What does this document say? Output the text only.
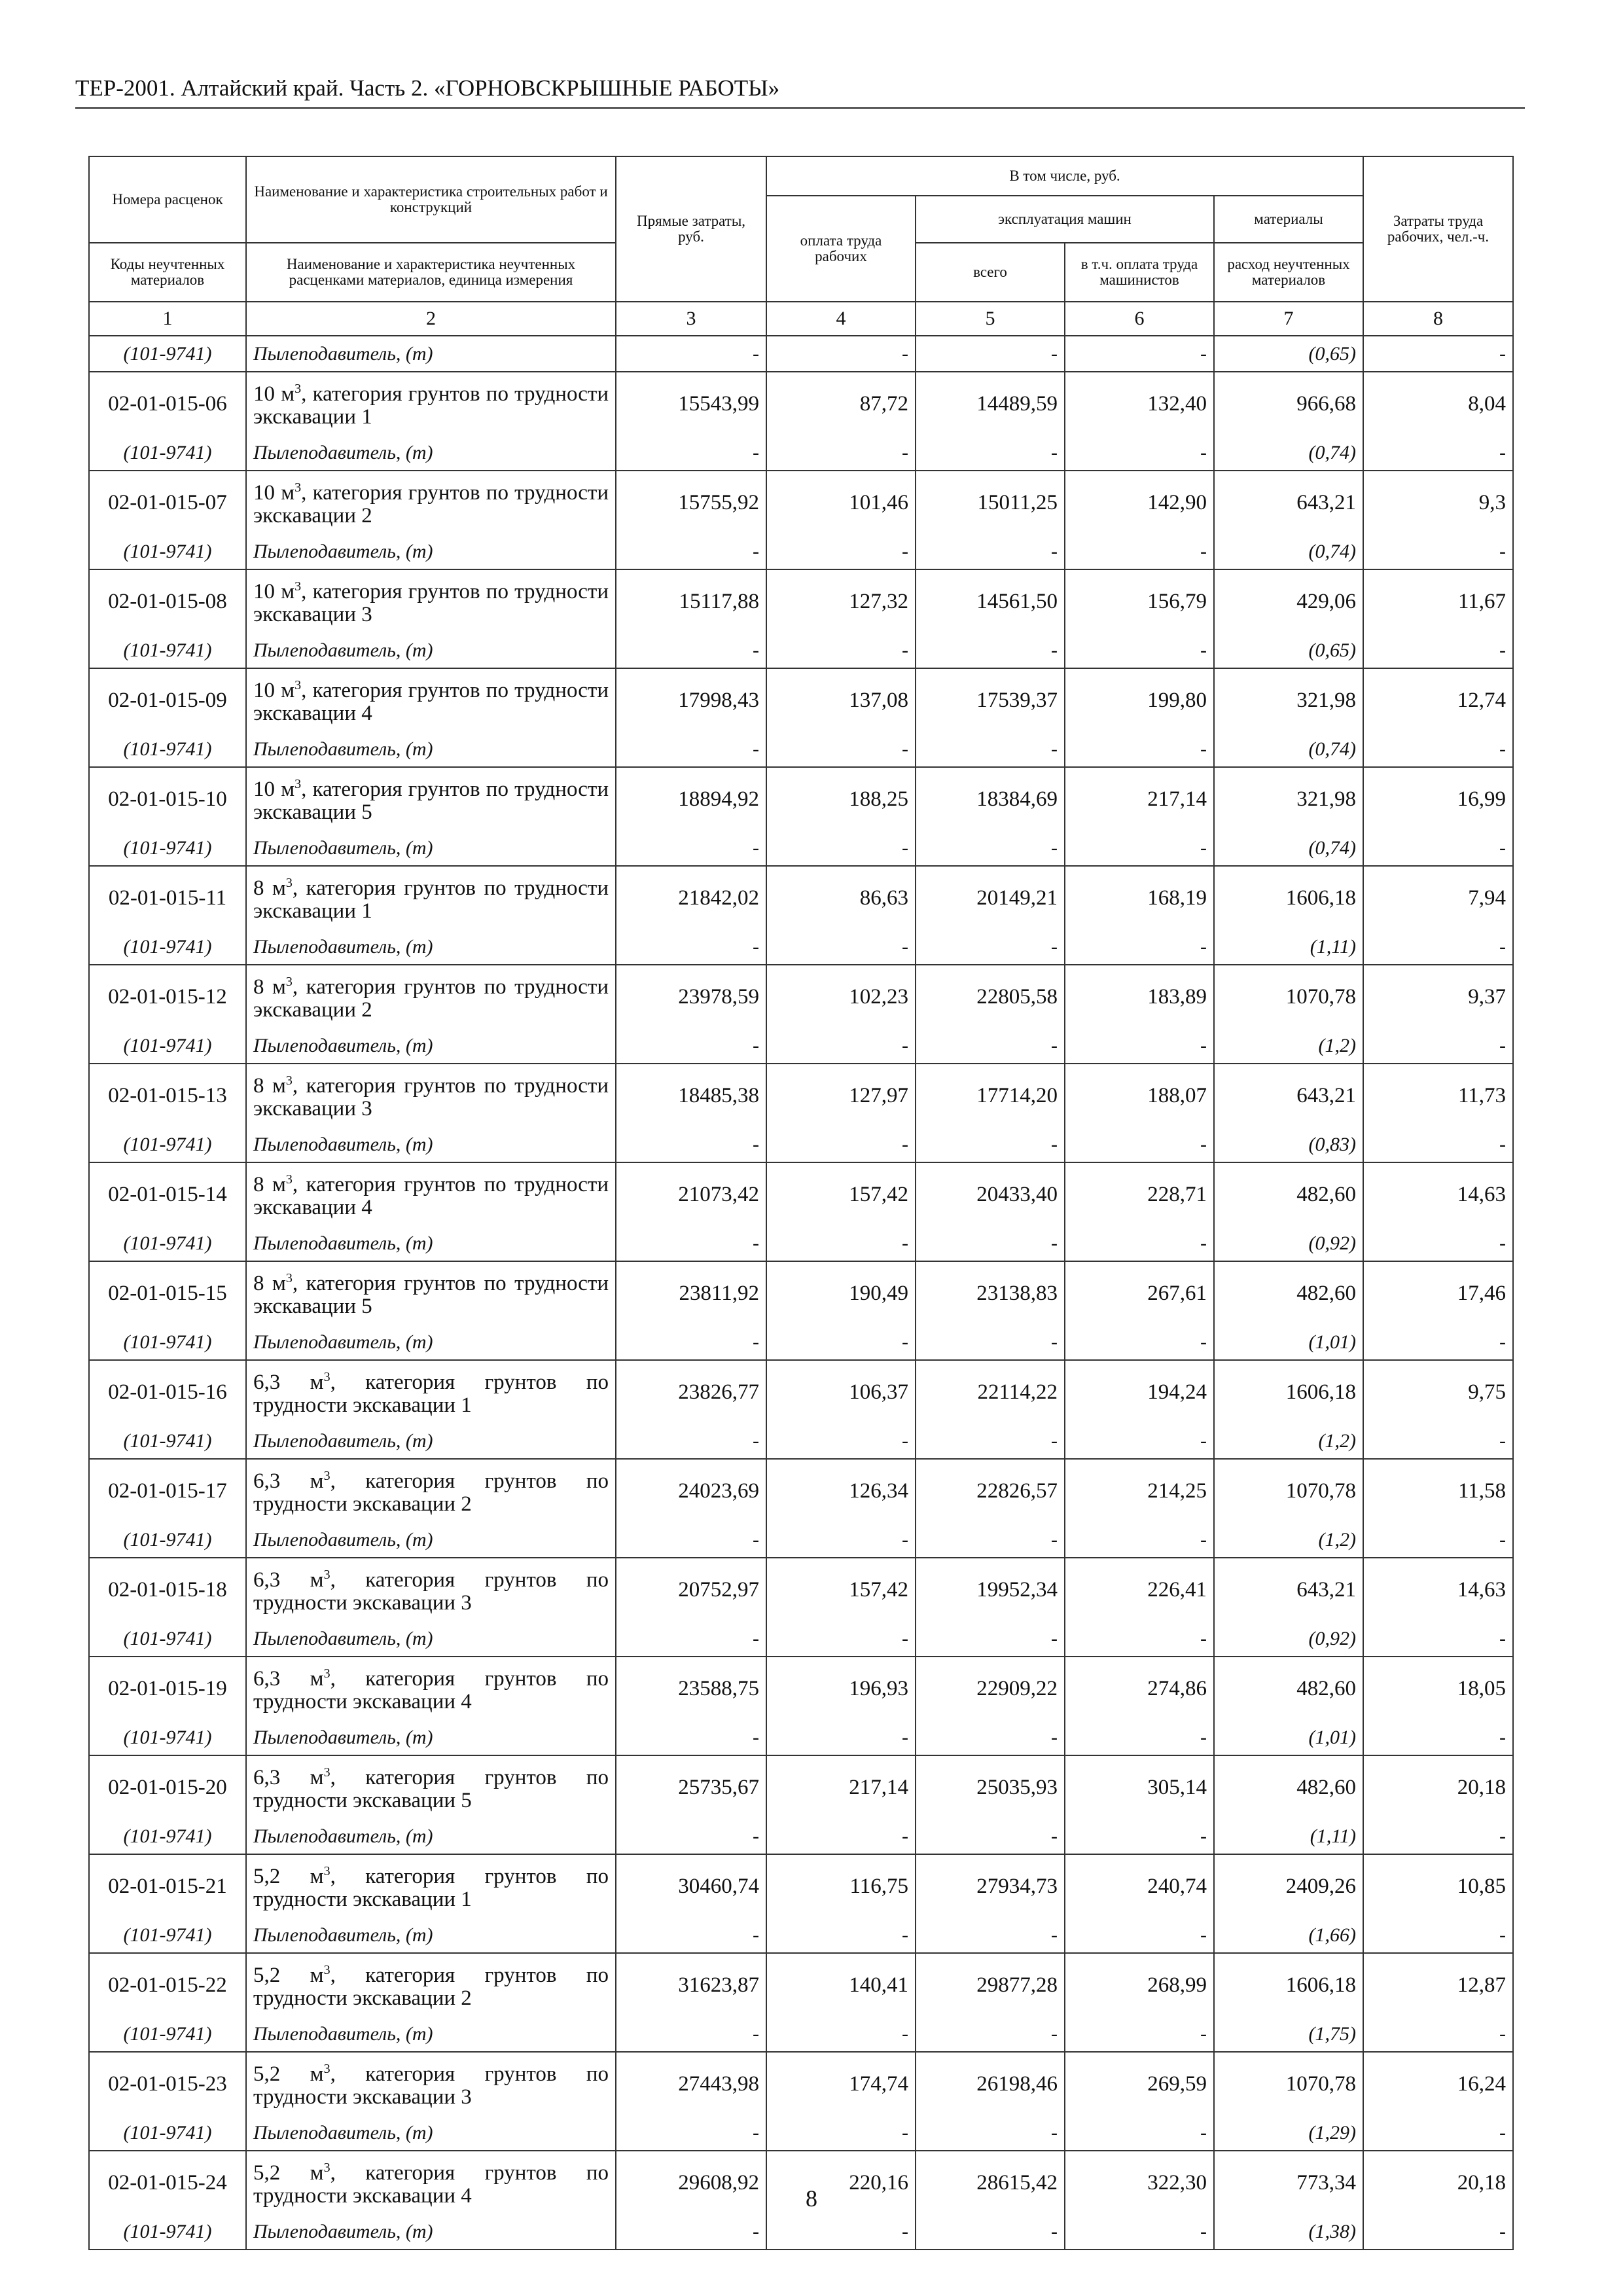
ТЕР-2001. Алтайский край. Часть 2. «ГОРНОВСКРЫШНЫЕ РАБОТЫ»
Номера расценок	Наименование и характеристика строительных работ и конструкций	Прямые затраты, руб.	В том числе, руб.				Затраты труда рабочих, чел.-ч.
			оплата труда рабочих	эксплуатация машин		материалы	
Коды неучтенных материалов	Наименование и характеристика неучтенных расценками материалов, единица измерения			всего	в т.ч. оплата труда машинистов	расход неучтенных материалов	
1	2	3	4	5	6	7	8
(101-9741)	Пылеподавитель, (т)	-	-	-	-	(0,65)	-
02-01-015-06	10 $м^3$, категория грунтов по трудности экскавации 1	15543,99	87,72	14489,59	132,40	966,68	8,04
(101-9741)	Пылеподавитель, (т)	-	-	-	-	(0,74)	-
02-01-015-07	10 $м^3$, категория грунтов по трудности экскавации 2	15755,92	101,46	15011,25	142,90	643,21	9,3
(101-9741)	Пылеподавитель, (т)	-	-	-	-	(0,74)	-
02-01-015-08	10 $м^3$, категория грунтов по трудности экскавации 3	15117,88	127,32	14561,50	156,79	429,06	11,67
(101-9741)	Пылеподавитель, (т)	-	-	-	-	(0,65)	-
02-01-015-09	10 $м^3$, категория грунтов по трудности экскавации 4	17998,43	137,08	17539,37	199,80	321,98	12,74
(101-9741)	Пылеподавитель, (т)	-	-	-	-	(0,74)	-
02-01-015-10	10 $м^3$, категория грунтов по трудности экскавации 5	18894,92	188,25	18384,69	217,14	321,98	16,99
(101-9741)	Пылеподавитель, (т)	-	-	-	-	(0,74)	-
02-01-015-11	8 $м^3$, категория грунтов по трудности экскавации 1	21842,02	86,63	20149,21	168,19	1606,18	7,94
(101-9741)	Пылеподавитель, (т)	-	-	-	-	(1,11)	-
02-01-015-12	8 $м^3$, категория грунтов по трудности экскавации 2	23978,59	102,23	22805,58	183,89	1070,78	9,37
(101-9741)	Пылеподавитель, (т)	-	-	-	-	(1,2)	-
02-01-015-13	8 $м^3$, категория грунтов по трудности экскавации 3	18485,38	127,97	17714,20	188,07	643,21	11,73
(101-9741)	Пылеподавитель, (т)	-	-	-	-	(0,83)	-
02-01-015-14	8 $м^3$, категория грунтов по трудности экскавации 4	21073,42	157,42	20433,40	228,71	482,60	14,63
(101-9741)	Пылеподавитель, (т)	-	-	-	-	(0,92)	-
02-01-015-15	8 $м^3$, категория грунтов по трудности экскавации 5	23811,92	190,49	23138,83	267,61	482,60	17,46
(101-9741)	Пылеподавитель, (т)	-	-	-	-	(1,01)	-
02-01-015-16	6,3 $м^3$, категория грунтов по трудности экскавации 1	23826,77	106,37	22114,22	194,24	1606,18	9,75
(101-9741)	Пылеподавитель, (т)	-	-	-	-	(1,2)	-
02-01-015-17	6,3 $м^3$, категория грунтов по трудности экскавации 2	24023,69	126,34	22826,57	214,25	1070,78	11,58
(101-9741)	Пылеподавитель, (т)	-	-	-	-	(1,2)	-
02-01-015-18	6,3 $м^3$, категория грунтов по трудности экскавации 3	20752,97	157,42	19952,34	226,41	643,21	14,63
(101-9741)	Пылеподавитель, (т)	-	-	-	-	(0,92)	-
02-01-015-19	6,3 $м^3$, категория грунтов по трудности экскавации 4	23588,75	196,93	22909,22	274,86	482,60	18,05
(101-9741)	Пылеподавитель, (т)	-	-	-	-	(1,01)	-
02-01-015-20	6,3 $м^3$, категория грунтов по трудности экскавации 5	25735,67	217,14	25035,93	305,14	482,60	20,18
(101-9741)	Пылеподавитель, (т)	-	-	-	-	(1,11)	-
02-01-015-21	5,2 $м^3$, категория грунтов по трудности экскавации 1	30460,74	116,75	27934,73	240,74	2409,26	10,85
(101-9741)	Пылеподавитель, (т)	-	-	-	-	(1,66)	-
02-01-015-22	5,2 $м^3$, категория грунтов по трудности экскавации 2	31623,87	140,41	29877,28	268,99	1606,18	12,87
(101-9741)	Пылеподавитель, (т)	-	-	-	-	(1,75)	-
02-01-015-23	5,2 $м^3$, категория грунтов по трудности экскавации 3	27443,98	174,74	26198,46	269,59	1070,78	16,24
(101-9741)	Пылеподавитель, (т)	-	-	-	-	(1,29)	-
02-01-015-24	5,2 $м^3$, категория грунтов по трудности экскавации 4	29608,92	220,16	28615,42	322,30	773,34	20,18
(101-9741)	Пылеподавитель, (т)	-	-	-	-	(1,38)	-
8
